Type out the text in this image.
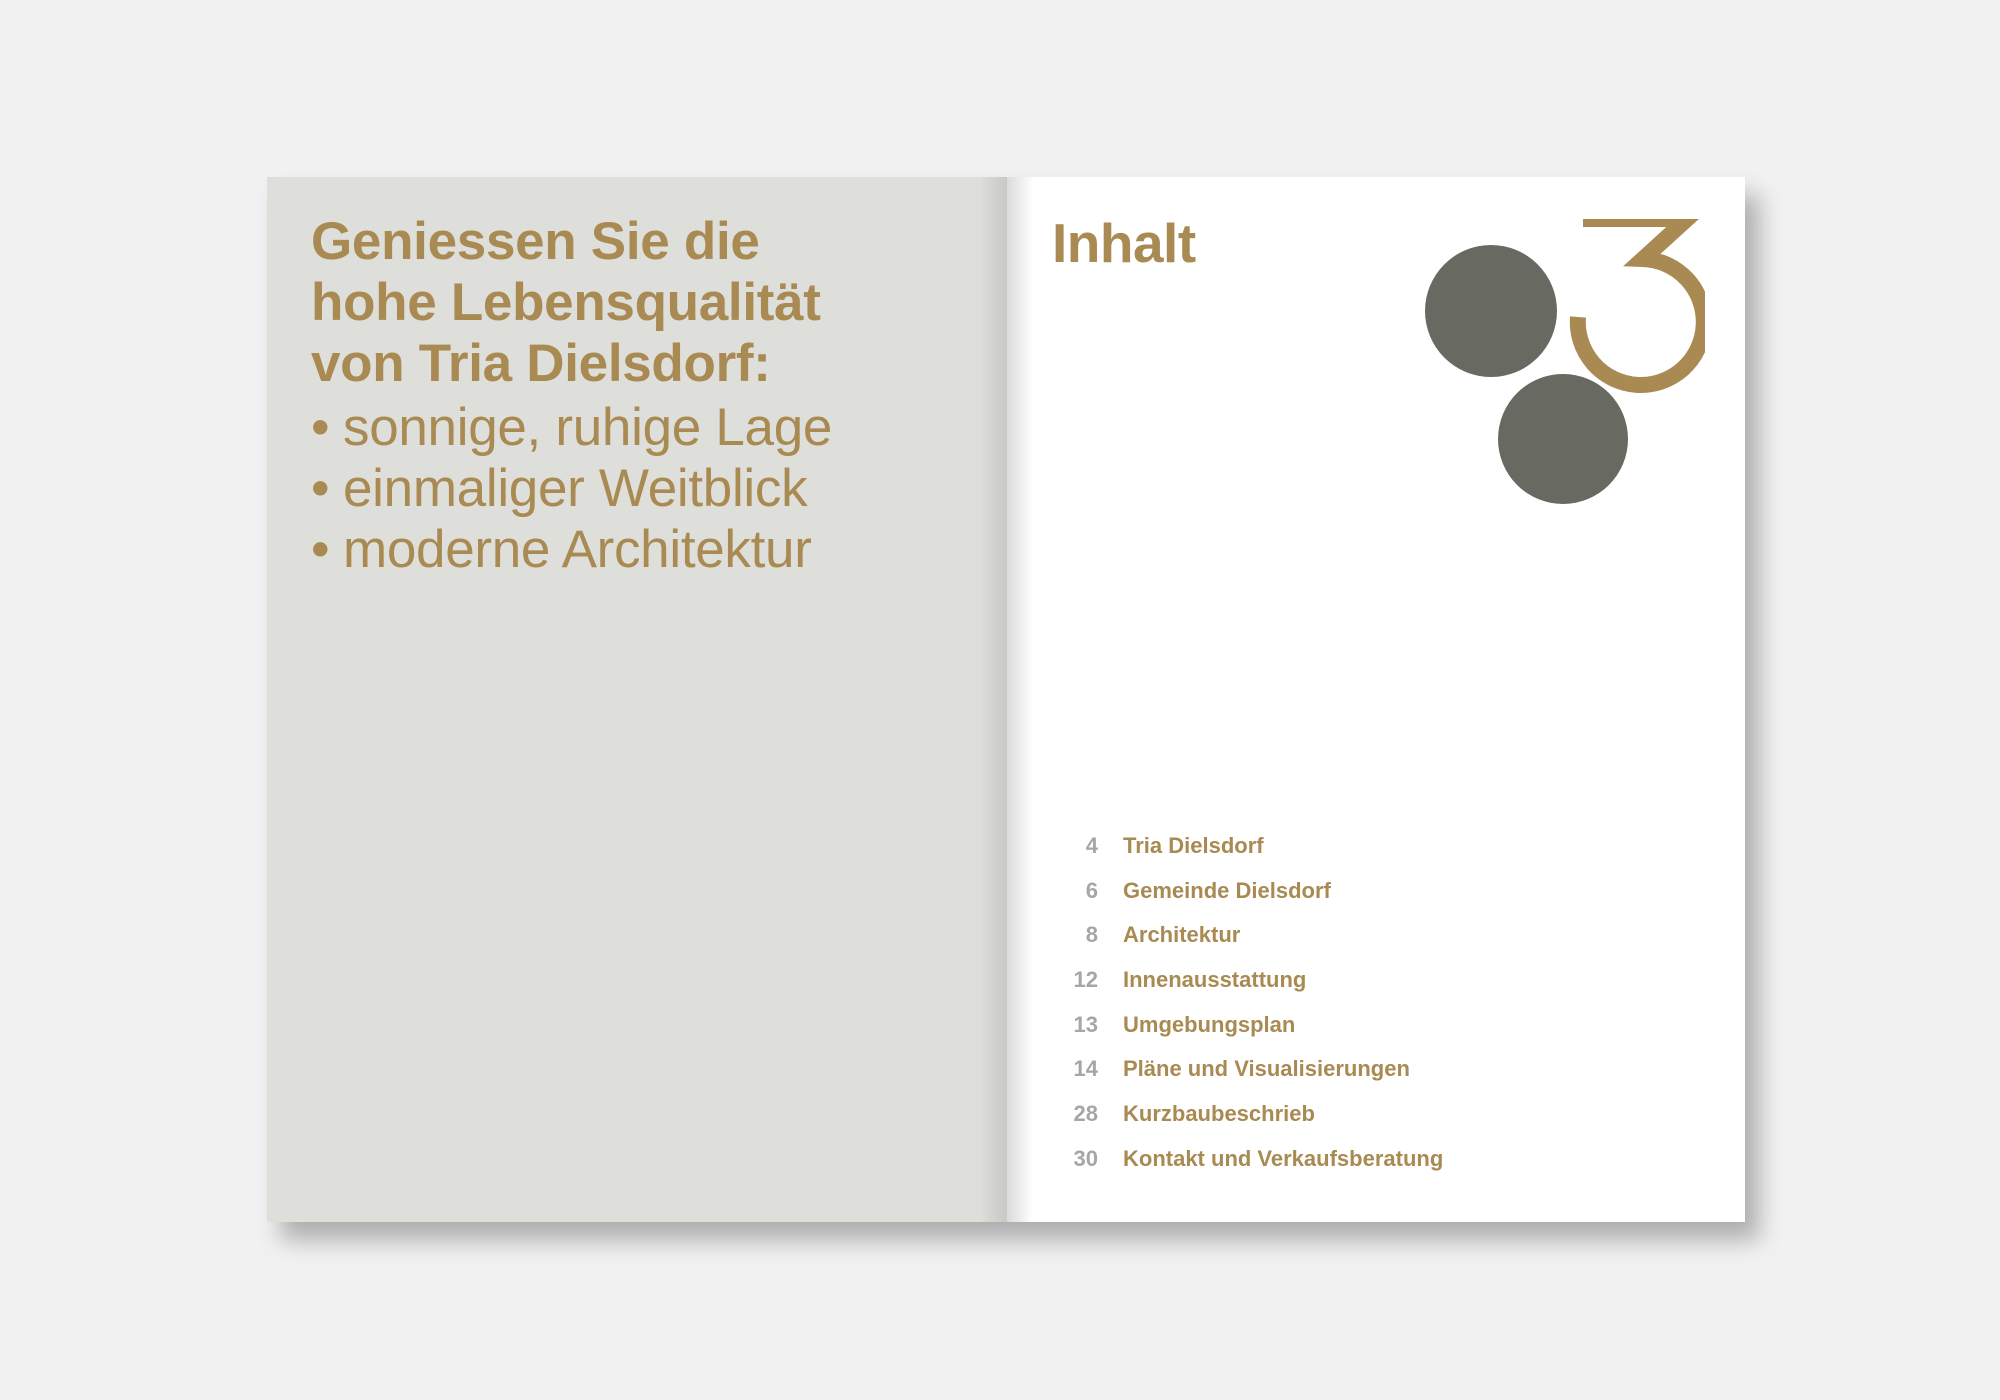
Geniessen Sie die
hohe Lebensqualität
von Tria Dielsdorf:
• sonnige, ruhige Lage
• einmaliger Weitblick
• moderne Architektur
Inhalt
4 Tria Dielsdorf
6 Gemeinde Dielsdorf
8 Architektur
12 Innenausstattung
13 Umgebungsplan
14 Pläne und Visualisierungen
28 Kurzbaubeschrieb
30 Kontakt und Verkaufsberatung
